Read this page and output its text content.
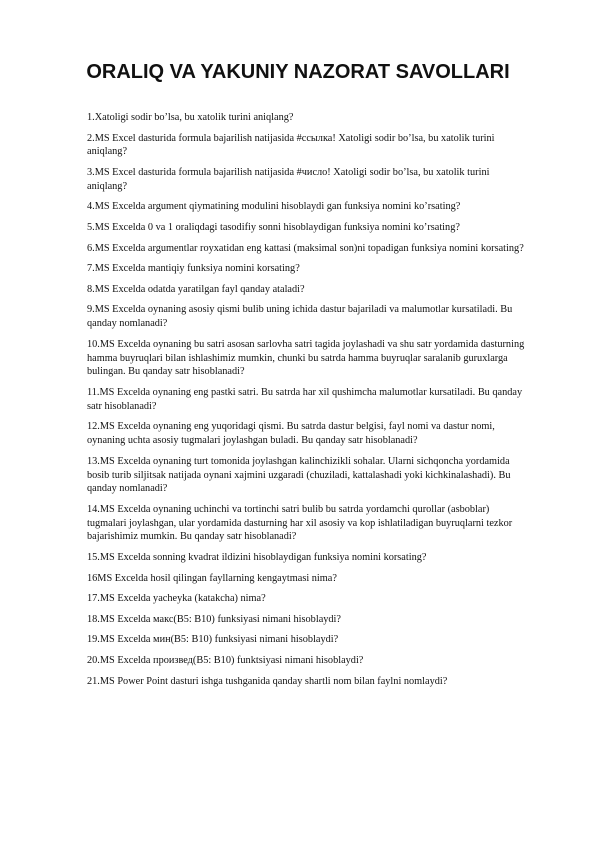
ORALIQ VA YAKUNIY NAZORAT SAVOLLARI
1.Xatoligi sodir bo’lsa, bu xatolik turini aniqlang?
2.MS Excel dasturida formula bajarilish natijasida #ссылка! Xatoligi sodir bo’lsa, bu xatolik turini aniqlang?
3.MS Excel dasturida formula bajarilish natijasida #число! Xatoligi sodir bo’lsa, bu xatolik turini aniqlang?
4.MS Excelda argument qiymatining modulini hisoblaydi gan funksiya nomini ko’rsating?
5.MS Excelda 0 va 1 oraliqdagi tasodifiy sonni hisoblaydigan funksiya nomini ko’rsating?
6.MS Excelda argumentlar royxatidan eng kattasi (maksimal son)ni topadigan funksiya nomini korsating?
7.MS Excelda mantiqiy funksiya nomini korsating?
8.MS Excelda odatda yaratilgan fayl qanday ataladi?
9.MS Excelda oynaning asosiy qismi bulib uning ichida dastur bajariladi va malumotlar kursatiladi. Bu qanday nomlanadi?
10.MS Excelda oynaning bu satri asosan sarlovha satri tagida joylashadi va shu satr yordamida dasturning hamma buyruqlari bilan ishlashimiz mumkin, chunki bu satrda hamma buyruqlar saralanib guruxlarga bulingan. Bu qanday satr hisoblanadi?
11.MS Excelda oynaning eng pastki satri. Bu satrda har xil qushimcha malumotlar kursatiladi. Bu qanday satr hisoblanadi?
12.MS Excelda oynaning eng yuqoridagi qismi. Bu satrda dastur belgisi, fayl nomi va dastur nomi, oynaning uchta asosiy tugmalari joylashgan buladi. Bu qanday satr hisoblanadi?
13.MS Excelda oynaning turt tomonida joylashgan kalinchizikli sohalar. Ularni sichqoncha yordamida bosib turib siljitsak natijada oynani xajmini uzgaradi (chuziladi, kattalashadi yoki kichkinalashadi). Bu qanday nomlanadi?
14.MS Excelda oynaning uchinchi va tortinchi satri bulib bu satrda yordamchi qurollar (asboblar) tugmalari joylashgan, ular yordamida dasturning har xil asosiy va kop ishlatiladigan buyruqlarni tezkor bajarishimiz mumkin. Bu qanday satr hisoblanadi?
15.MS Excelda sonning kvadrat ildizini hisoblaydigan funksiya nomini korsating?
16MS Excelda hosil qilingan fayllarning kengaytmasi nima?
17.MS Excelda yacheyka (katakcha) nima?
18.MS Excelda макс(B5: B10) funksiyasi nimani hisoblaydi?
19.MS Excelda мин(B5: B10) funksiyasi nimani hisoblaydi?
20.MS Excelda произвед(B5: B10) funktsiyasi nimani hisoblaydi?
21.MS Power Point dasturi ishga tushganida qanday shartli nom bilan faylni nomlaydi?
